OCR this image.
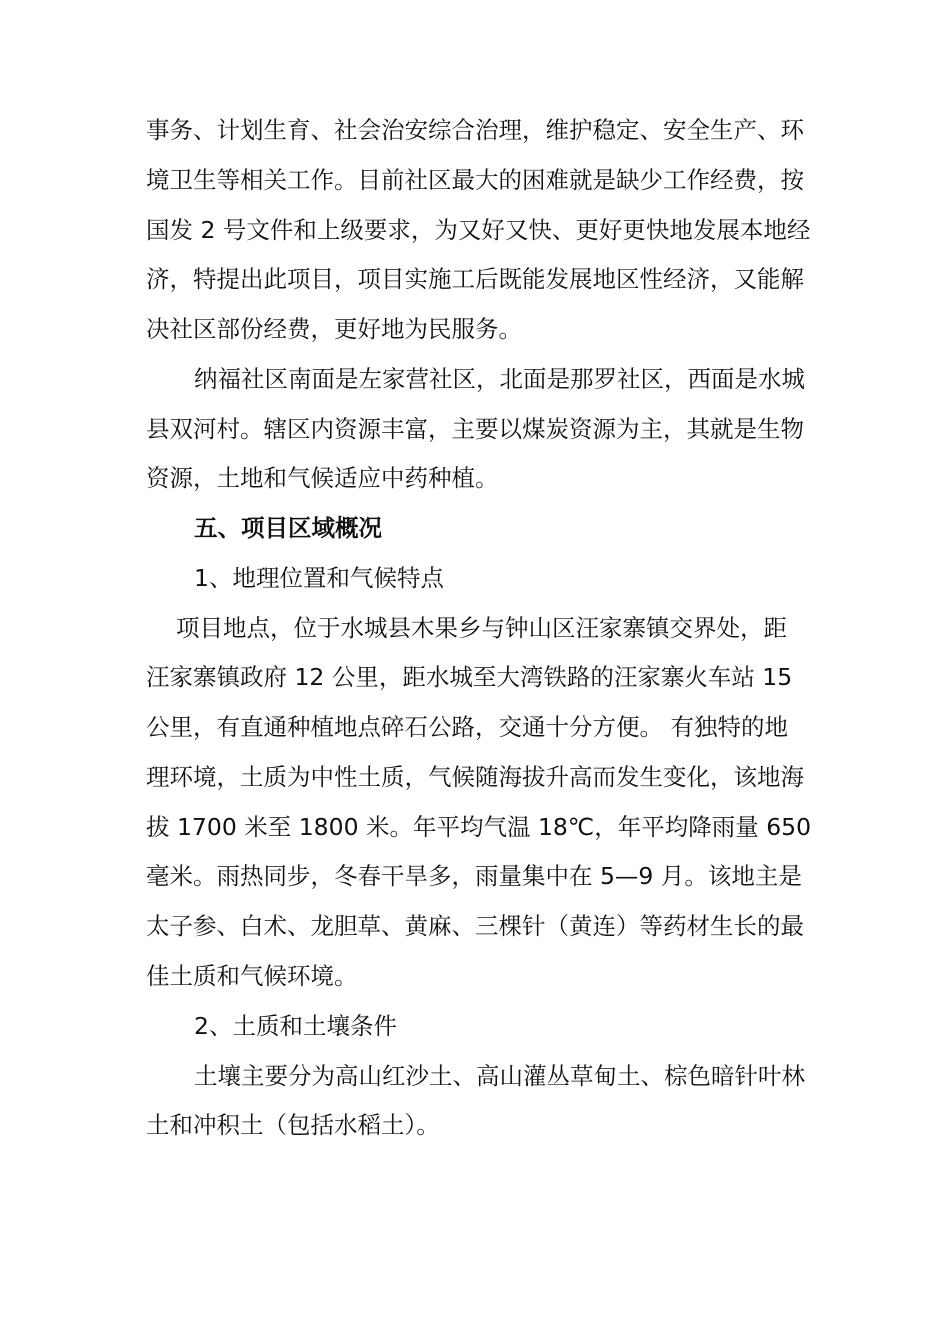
事务、计划生育、社会治安综合治理，维护稳定、安全生产、环
境卫生等相关工作。目前社区最大的困难就是缺少工作经费，按
国发 2 号文件和上级要求，为又好又快、更好更快地发展本地经
济，特提出此项目，项目实施工后既能发展地区性经济，又能解
决社区部份经费，更好地为民服务。
纳福社区南面是左家营社区，北面是那罗社区，西面是水城
县双河村。辖区内资源丰富，主要以煤炭资源为主，其就是生物
资源，土地和气候适应中药种植。
五、项目区域概况
1、地理位置和气候特点
项目地点，位于水城县木果乡与钟山区汪家寨镇交界处，距
汪家寨镇政府 12 公里，距水城至大湾铁路的汪家寨火车站 15
公里，有直通种植地点碎石公路，交通十分方便。 有独特的地
理环境，土质为中性土质，气候随海拔升高而发生变化，该地海
拔 1700 米至 1800 米。年平均气温 18℃，年平均降雨量 650
毫米。雨热同步，冬春干旱多，雨量集中在 5—9 月。该地主是
太子参、白术、龙胆草、黄麻、三棵针（黄连）等药材生长的最
佳土质和气候环境。
2、土质和土壤条件
土壤主要分为高山红沙土、高山灌丛草甸土、棕色暗针叶林
土和冲积土（包括水稻土）。
